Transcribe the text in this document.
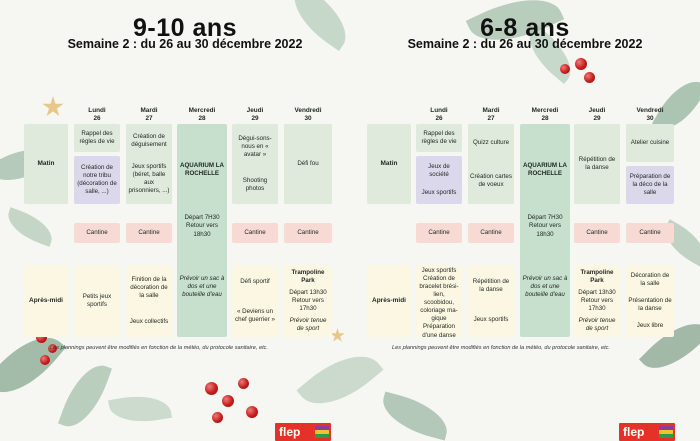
9-10 ans
Semaine 2 : du 26 au 30 décembre 2022
Lundi
26
Mardi
27
Mercredi
28
Jeudi
29
Vendredi
30
Matin
Après-midi
Rappel des règles de vie
Création de notre tribu (décoration de salle, ...)
Cantine
Petits jeux sportifs
Création de déguisement
Jeux sportifs (béret, balle aux prisonniers, ...)
Cantine
Finition de la décoration de la salle
Jeux collectifs
AQUARIUM LA ROCHELLE
Départ 7H30 Retour vers 18h30
Prévoir un sac à dos et une bouteille d'eau
Dégui-sons-nous en « avatar »
Shooting photos
Cantine
Défi sportif
« Deviens un chef guerrier »
Défi fou
Cantine
Trampoline Park
Départ 13h30 Retour vers 17h30
Prévoir tenue de sport
Les plannings peuvent être modifiés en fonction de la météo, du protocole sanitaire, etc.
6-8 ans
Semaine 2 : du 26 au 30 décembre 2022
Lundi
26
Mardi
27
Mercredi
28
Jeudi
29
Vendredi
30
Matin
Après-midi
Rappel des règles de vie
Jeux de société
Jeux sportifs
Cantine
Jeux sportifs
Création de bracelet brési-lien, scoobidou, coloriage ma-gique
Préparation d'une danse
Quizz culture
Création cartes de voeux
Cantine
Répétition de la danse
Jeux sportifs
AQUARIUM LA ROCHELLE
Départ 7H30 Retour vers 18h30
Prévoir un sac à dos et une bouteille d'eau
Répétition de la danse
Cantine
Trampoline Park
Départ 13h30 Retour vers 17h30
Prévoir tenue de sport
Atelier cuisine
Préparation de la déco de la salle
Cantine
Décoration de la salle
Présentation de la danse
Jeux libre
Les plannings peuvent être modifiés en fonction de la météo, du protocole sanitaire, etc.
flep	flep
